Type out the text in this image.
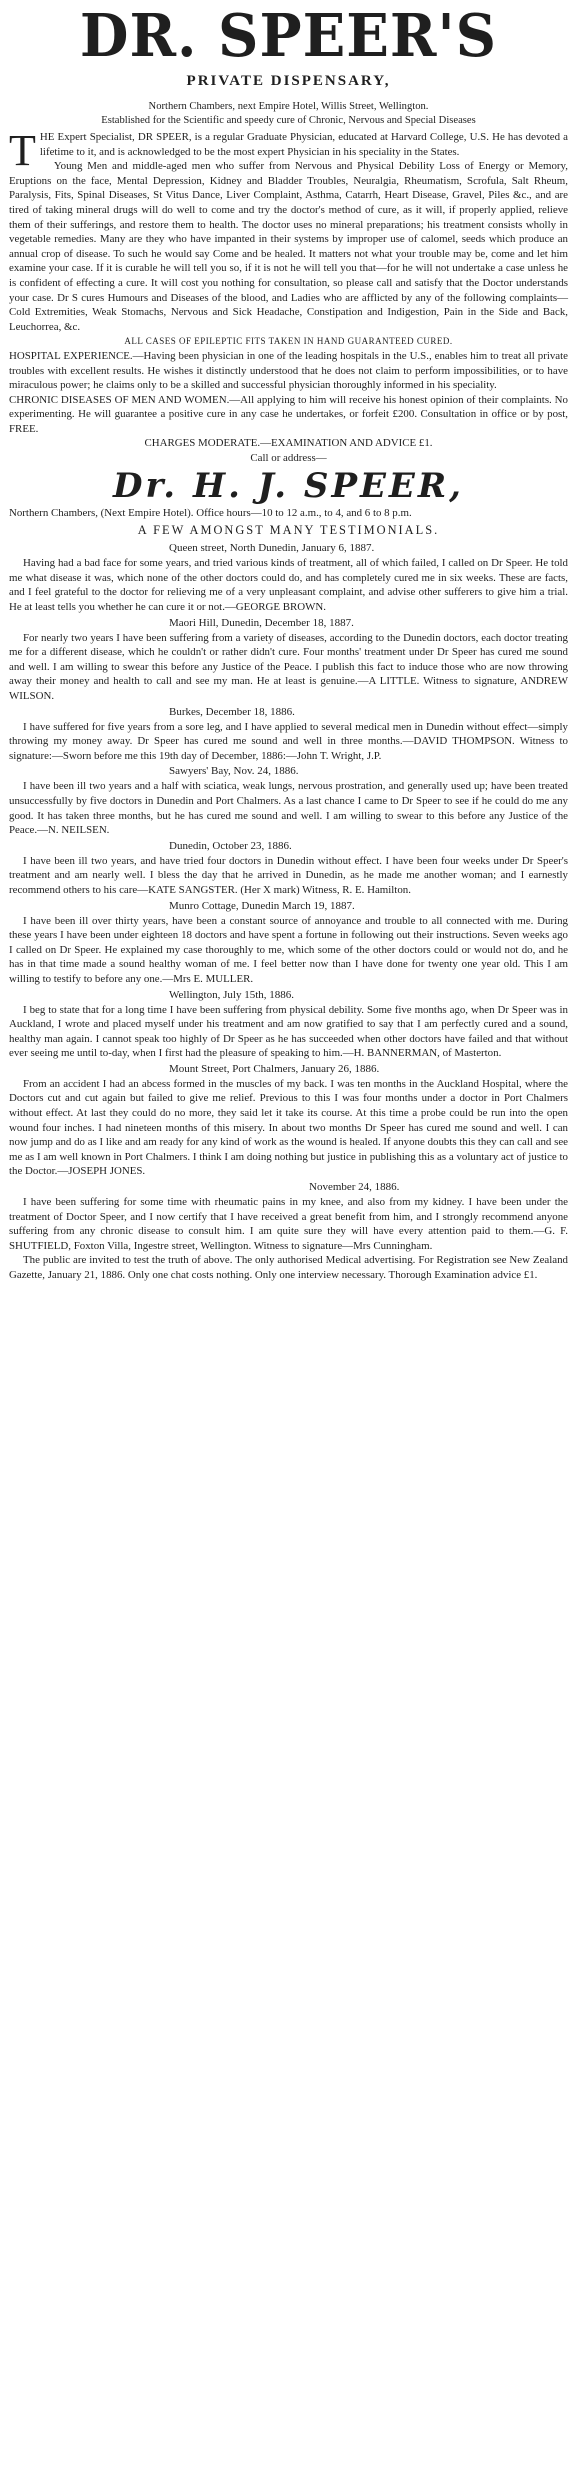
DR. SPEER'S
PRIVATE DISPENSARY,
Northern Chambers, next Empire Hotel, Willis Street, Wellington.
Established for the Scientific and speedy cure of Chronic, Nervous and Special Diseases

THE Expert Specialist, DR SPEER, is a regular Graduate Physician, educated at Harvard College, U.S. He has devoted a lifetime to it, and is acknowledged to be the most expert Physician in his speciality in the States.

Young Men and middle-aged men who suffer from Nervous and Physical Debility Loss of Energy or Memory, Eruptions on the face, Mental Depression, Kidney and Bladder Troubles, Neuralgia, Rheumatism, Scrofula, Salt Rheum, Paralysis, Fits, Spinal Diseases, St Vitus Dance, Liver Complaint, Asthma, Catarrh, Heart Disease, Gravel, Piles &c., and are tired of taking mineral drugs will do well to come and try the doctor's method of cure, as it will, if properly applied, relieve them of their sufferings, and restore them to health. The doctor uses no mineral preparations; his treatment consists wholly in vegetable remedies. Many are they who have impanted in their systems by improper use of calomel, seeds which produce an annual crop of disease. To such he would say Come and be healed. It matters not what your trouble may be, come and let him examine your case. If it is curable he will tell you so, if it is not he will tell you that—for he will not undertake a case unless he is confident of effecting a cure. It will cost you nothing for consultation, so please call and satisfy that the Doctor understands your case. Dr S cures Humours and Diseases of the blood, and Ladies who are afflicted by any of the following complaints—Cold Extremities, Weak Stomachs, Nervous and Sick Headache, Constipation and Indigestion, Pain in the Side and Back, Leuchorrea, &c.

ALL CASES OF EPILEPTIC FITS TAKEN IN HAND GUARANTEED CURED.

HOSPITAL EXPERIENCE.—Having been physician in one of the leading hospitals in the U.S., enables him to treat all private troubles with excellent results. He wishes it distinctly understood that he does not claim to perform impossibilities, or to have miraculous power; he claims only to be a skilled and successful physician thoroughly informed in his speciality.

CHRONIC DISEASES OF MEN AND WOMEN.—All applying to him will receive his honest opinion of their complaints. No experimenting. He will guarantee a positive cure in any case he undertakes, or forfeit £200. Consultation in office or by post, FREE.

CHARGES MODERATE.—EXAMINATION AND ADVICE £1.

Call or address—

Dr. H. J. SPEER,

Northern Chambers, (Next Empire Hotel). Office hours—10 to 12 a.m., to 4, and 6 to 8 p.m.

A FEW AMONGST MANY TESTIMONIALS.
Queen street, North Dunedin, January 6, 1887.

Having had a bad face for some years, and tried various kinds of treatment, all of which failed, I called on Dr Speer. He told me what disease it was, which none of the other doctors could do, and has completely cured me in six weeks. These are facts, and I feel grateful to the doctor for relieving me of a very unpleasant complaint, and advise other sufferers to give him a trial. He at least tells you whether he can cure it or not.—GEORGE BROWN.

Maori Hill, Dunedin, December 18, 1887.

For nearly two years I have been suffering from a variety of diseases, according to the Dunedin doctors, each doctor treating me for a different disease, which he couldn't or rather didn't cure. Four months' treatment under Dr Speer has cured me sound and well. I am willing to swear this before any Justice of the Peace. I publish this fact to induce those who are now throwing away their money and health to call and see my man. He at least is genuine.—A LITTLE. Witness to signature, ANDREW WILSON.

Burkes, December 18, 1886.

I have suffered for five years from a sore leg, and I have applied to several medical men in Dunedin without effect—simply throwing my money away. Dr Speer has cured me sound and well in three months.—DAVID THOMPSON. Witness to signature:—Sworn before me this 19th day of December, 1886:—John T. Wright, J.P.

Sawyers' Bay, Nov. 24, 1886.

I have been ill two years and a half with sciatica, weak lungs, nervous prostration, and generally used up; have been treated unsuccessfully by five doctors in Dunedin and Port Chalmers. As a last chance I came to Dr Speer to see if he could do me any good. It has taken three months, but he has cured me sound and well. I am willing to swear to this before any Justice of the Peace.—N. NEILSEN.

Dunedin, October 23, 1886.

I have been ill two years, and have tried four doctors in Dunedin without effect. I have been four weeks under Dr Speer's treatment and am nearly well. I bless the day that he arrived in Dunedin, as he made me another woman; and I earnestly recommend others to his care—KATE SANGSTER. (Her X mark) Witness, R. E. Hamilton.

Munro Cottage, Dunedin March 19, 1887.

I have been ill over thirty years, have been a constant source of annoyance and trouble to all connected with me. During these years I have been under eighteen 18 doctors and have spent a fortune in following out their instructions. Seven weeks ago I called on Dr Speer. He explained my case thoroughly to me, which some of the other doctors could or would not do, and he has in that time made a sound healthy woman of me. I feel better now than I have done for twenty one year old. This I am willing to testify to before any one.—Mrs E. MULLER.

Wellington, July 15th, 1886.

I beg to state that for a long time I have been suffering from physical debility. Some five months ago, when Dr Speer was in Auckland, I wrote and placed myself under his treatment and am now gratified to say that I am perfectly cured and a sound, healthy man again. I cannot speak too highly of Dr Speer as he has succeeded when other doctors have failed and that without ever seeing me until to-day, when I first had the pleasure of speaking to him.—H. BANNERMAN, of Masterton.

Mount Street, Port Chalmers, January 26, 1886.

From an accident I had an abcess formed in the muscles of my back. I was ten months in the Auckland Hospital, where the Doctors cut and cut again but failed to give me relief. Previous to this I was four months under a doctor in Port Chalmers without effect. At last they could do no more, they said let it take its course. At this time a probe could be run into the open wound four inches. I had nineteen months of this misery. In about two months Dr Speer has cured me sound and well. I can now jump and do as I like and am ready for any kind of work as the wound is healed. If anyone doubts this they can call and see me as I am well known in Port Chalmers. I think I am doing nothing but justice in publishing this as a voluntary act of justice to the Doctor.—JOSEPH JONES.

November 24, 1886.

I have been suffering for some time with rheumatic pains in my knee, and also from my kidney. I have been under the treatment of Doctor Speer, and I now certify that I have received a great benefit from him, and I strongly recommend anyone suffering from any chronic disease to consult him. I am quite sure they will have every attention paid to them.—G. F. SHUTFIELD, Foxton Villa, Ingestre street, Wellington. Witness to signature—Mrs Cunningham.

The public are invited to test the truth of above. The only authorised Medical advertising. For Registration see New Zealand Gazette, January 21, 1886. Only one chat costs nothing. Only one interview necessary. Thorough Examination advice £1.
